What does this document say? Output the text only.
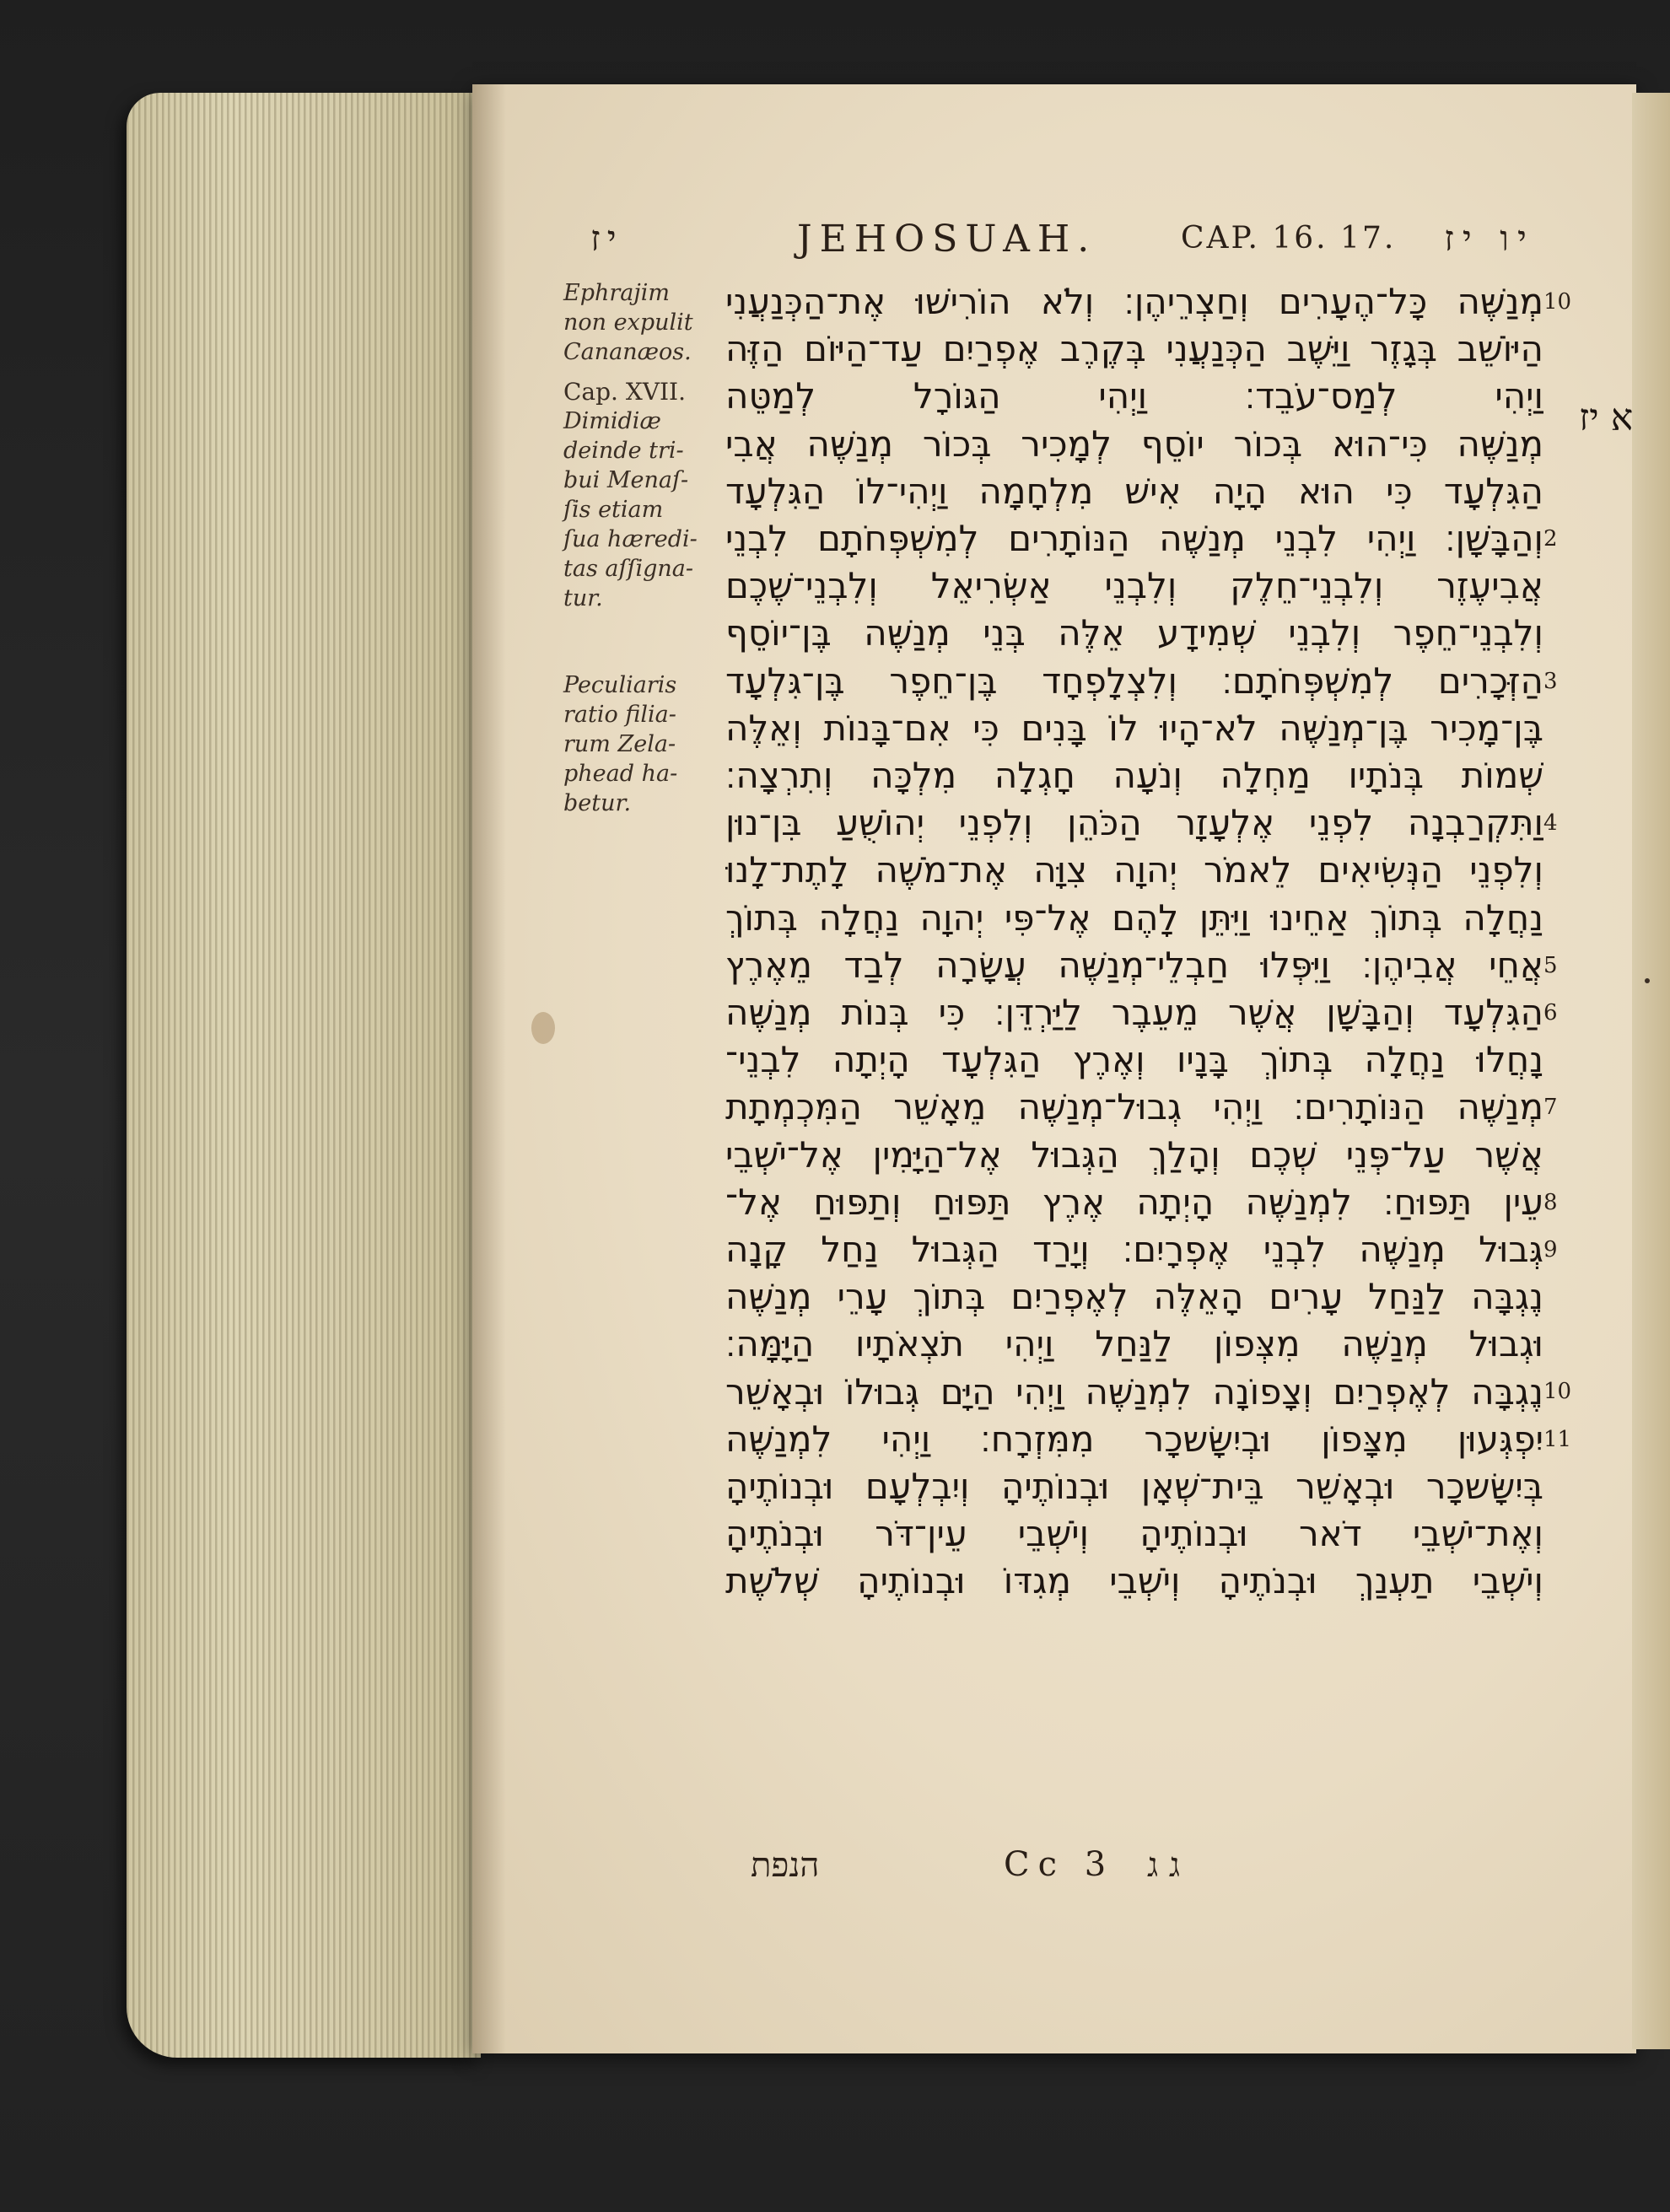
יז	JEHOSUAH.	CAP. 16. 17. יו יז

Ephrajim

non expulit

Cananæos.

Cap. XVII.

Dimidiæ

deinde tri-

bui Menaſ-

ſis etiam

ſua hæredi-

tas aſſigna-

tur.

Peculiaris

ratio filia-

rum Zela-

phead ha-

betur.

מְנַשֶּׁה כָּל־הֶעָרִים וְחַצְרֵיהֶן׃ וְלֹא הוֹרִישׁוּ אֶת־הַכְּנַעֲנִי
הַיּוֹשֵׁב בְּגָזֶר וַיֵּשֶׁב הַכְּנַעֲנִי בְּקֶרֶב אֶפְרַיִם עַד־הַיּוֹם הַזֶּה
וַיְהִי לְמַס־עֹבֵד׃ וַיְהִי הַגּוֹרָל לְמַטֵּה
מְנַשֶּׁה כִּי־הוּא בְּכוֹר יוֹסֵף לְמָכִיר בְּכוֹר מְנַשֶּׁה אֲבִי
הַגִּלְעָד כִּי הוּא הָיָה אִישׁ מִלְחָמָה וַיְהִי־לוֹ הַגִּלְעָד
וְהַבָּשָׁן׃ וַיְהִי לִבְנֵי מְנַשֶּׁה הַנּוֹתָרִים לְמִשְׁפְּחֹתָם לִבְנֵי
אֲבִיעֶזֶר וְלִבְנֵי־חֵלֶק וְלִבְנֵי אַשְׂרִיאֵל וְלִבְנֵי־שֶׁכֶם
וְלִבְנֵי־חֵפֶר וְלִבְנֵי שְׁמִידָע אֵלֶּה בְּנֵי מְנַשֶּׁה בֶּן־יוֹסֵף
הַזְּכָרִים לְמִשְׁפְּחֹתָם׃ וְלִצְלָפְחָד בֶּן־חֵפֶר בֶּן־גִּלְעָד
בֶּן־מָכִיר בֶּן־מְנַשֶּׁה לֹא־הָיוּ לוֹ בָּנִים כִּי אִם־בָּנוֹת וְאֵלֶּה
שְׁמוֹת בְּנֹתָיו מַחְלָה וְנֹעָה חָגְלָה מִלְכָּה וְתִרְצָה׃
וַתִּקְרַבְנָה לִפְנֵי אֶלְעָזָר הַכֹּהֵן וְלִפְנֵי יְהוֹשֻׁעַ בִּן־נוּן
וְלִפְנֵי הַנְּשִׂיאִים לֵאמֹר יְהוָה צִוָּה אֶת־מֹשֶׁה לָתֶת־לָנוּ
נַחֲלָה בְּתוֹךְ אַחֵינוּ וַיִּתֵּן לָהֶם אֶל־פִּי יְהוָה נַחֲלָה בְּתוֹךְ
אֲחֵי אֲבִיהֶן׃ וַיִּפְּלוּ חַבְלֵי־מְנַשֶּׁה עֲשָׂרָה לְבַד מֵאֶרֶץ
הַגִּלְעָד וְהַבָּשָׁן אֲשֶׁר מֵעֵבֶר לַיַּרְדֵּן׃ כִּי בְּנוֹת מְנַשֶּׁה
נָחֲלוּ נַחֲלָה בְּתוֹךְ בָּנָיו וְאֶרֶץ הַגִּלְעָד הָיְתָה לִבְנֵי־
מְנַשֶּׁה הַנּוֹתָרִים׃ וַיְהִי גְבוּל־מְנַשֶּׁה מֵאָשֵׁר הַמִּכְמְתָת
אֲשֶׁר עַל־פְּנֵי שְׁכֶם וְהָלַךְ הַגְּבוּל אֶל־הַיָּמִין אֶל־יֹשְׁבֵי
עֵין תַּפּוּחַ׃ לִמְנַשֶּׁה הָיְתָה אֶרֶץ תַּפּוּחַ וְתַפּוּחַ אֶל־
גְּבוּל מְנַשֶּׁה לִבְנֵי אֶפְרָיִם׃ וְיָרַד הַגְּבוּל נַחַל קָנָה
נֶגְבָּה לַנַּחַל עָרִים הָאֵלֶּה לְאֶפְרַיִם בְּתוֹךְ עָרֵי מְנַשֶּׁה
וּגְבוּל מְנַשֶּׁה מִצְּפוֹן לַנַּחַל וַיְהִי תֹצְאֹתָיו הַיָּמָּה׃
נֶגְבָּה לְאֶפְרַיִם וְצָפוֹנָה לִמְנַשֶּׁה וַיְהִי הַיָּם גְּבוּלוֹ וּבְאָשֵׁר
יִפְגְּעוּן מִצָּפוֹן וּבְיִשָּׂשכָר מִמִּזְרָח׃ וַיְהִי לִמְנַשֶּׁה
בְּיִשָּׂשכָר וּבְאָשֵׁר בֵּית־שְׁאָן וּבְנוֹתֶיהָ וְיִבְלְעָם וּבְנוֹתֶיהָ
וְאֶת־יֹשְׁבֵי דֹאר וּבְנוֹתֶיהָ וְיֹשְׁבֵי עֵין־דֹּר וּבְנֹתֶיהָ
וְיֹשְׁבֵי תַעְנַךְ וּבְנֹתֶיהָ וְיֹשְׁבֵי מְגִדּוֹ וּבְנוֹתֶיהָ שְׁלֹשֶׁת
10
2
3
4
5
6
7
8
9
10
11
א יז
הנפת	Cc 3 ג ג
